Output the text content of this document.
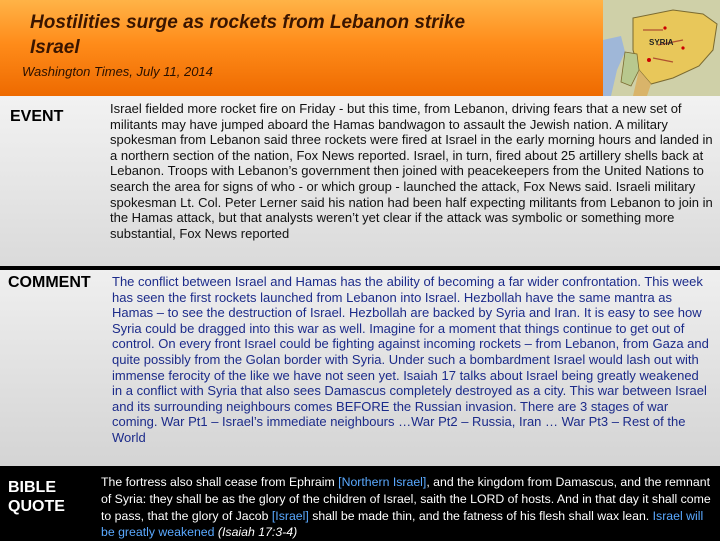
Hostilities surge as rockets from Lebanon strike
Israel
Washington Times, July 11, 2014
SYRIA
EVENT	Israel fielded more rocket fire on Friday - but this time, from Lebanon, driving fears that a new set of militants may have jumped aboard the Hamas bandwagon to assault the Jewish nation. A military spokesman from Lebanon said three rockets were fired at Israel in the early morning hours and landed in a northern section of the nation, Fox News reported. Israel, in turn, fired about 25 artillery shells back at Lebanon. Troops with Lebanon’s government then joined with peacekeepers from the United Nations to search the area for signs of who - or which group - launched the attack, Fox News said. Israeli military spokesman Lt. Col. Peter Lerner said his nation had been half expecting militants from Lebanon to join in the Hamas attack, but that analysts weren’t yet clear if the attack was symbolic or something more substantial, Fox News reported
COMMENT The conflict between Israel and Hamas has the ability of becoming a far wider confrontation. This week has seen the first rockets launched from Lebanon into Israel. Hezbollah have the same mantra as Hamas – to see the destruction of Israel. Hezbollah are backed by Syria and Iran. It is easy to see how Syria could be dragged into this war as well. Imagine for a moment that things continue to get out of control. On every front Israel could be fighting against incoming rockets – from Lebanon, from Gaza and quite possibly from the Golan border with Syria. Under such a bombardment Israel would lash out with immense ferocity of the like we have not seen yet. Isaiah 17 talks about Israel being greatly weakened in a conflict with Syria that also sees Damascus completely destroyed as a city. This war between Israel and its surrounding neighbours comes BEFORE the Russian invasion. There are 3 stages of war coming. War Pt1 – Israel’s immediate neighbours …War Pt2 – Russia, Iran … War Pt3 – Rest of the World
BIBLE
QUOTE
The fortress also shall cease from Ephraim [Northern Israel], and the kingdom from Damascus, and the remnant of Syria: they shall be as the glory of the children of Israel, saith the LORD of hosts. And in that day it shall come to pass, that the glory of Jacob [Israel] shall be made thin, and the fatness of his flesh shall wax lean. Israel will be greatly weakened (Isaiah 17:3-4)
